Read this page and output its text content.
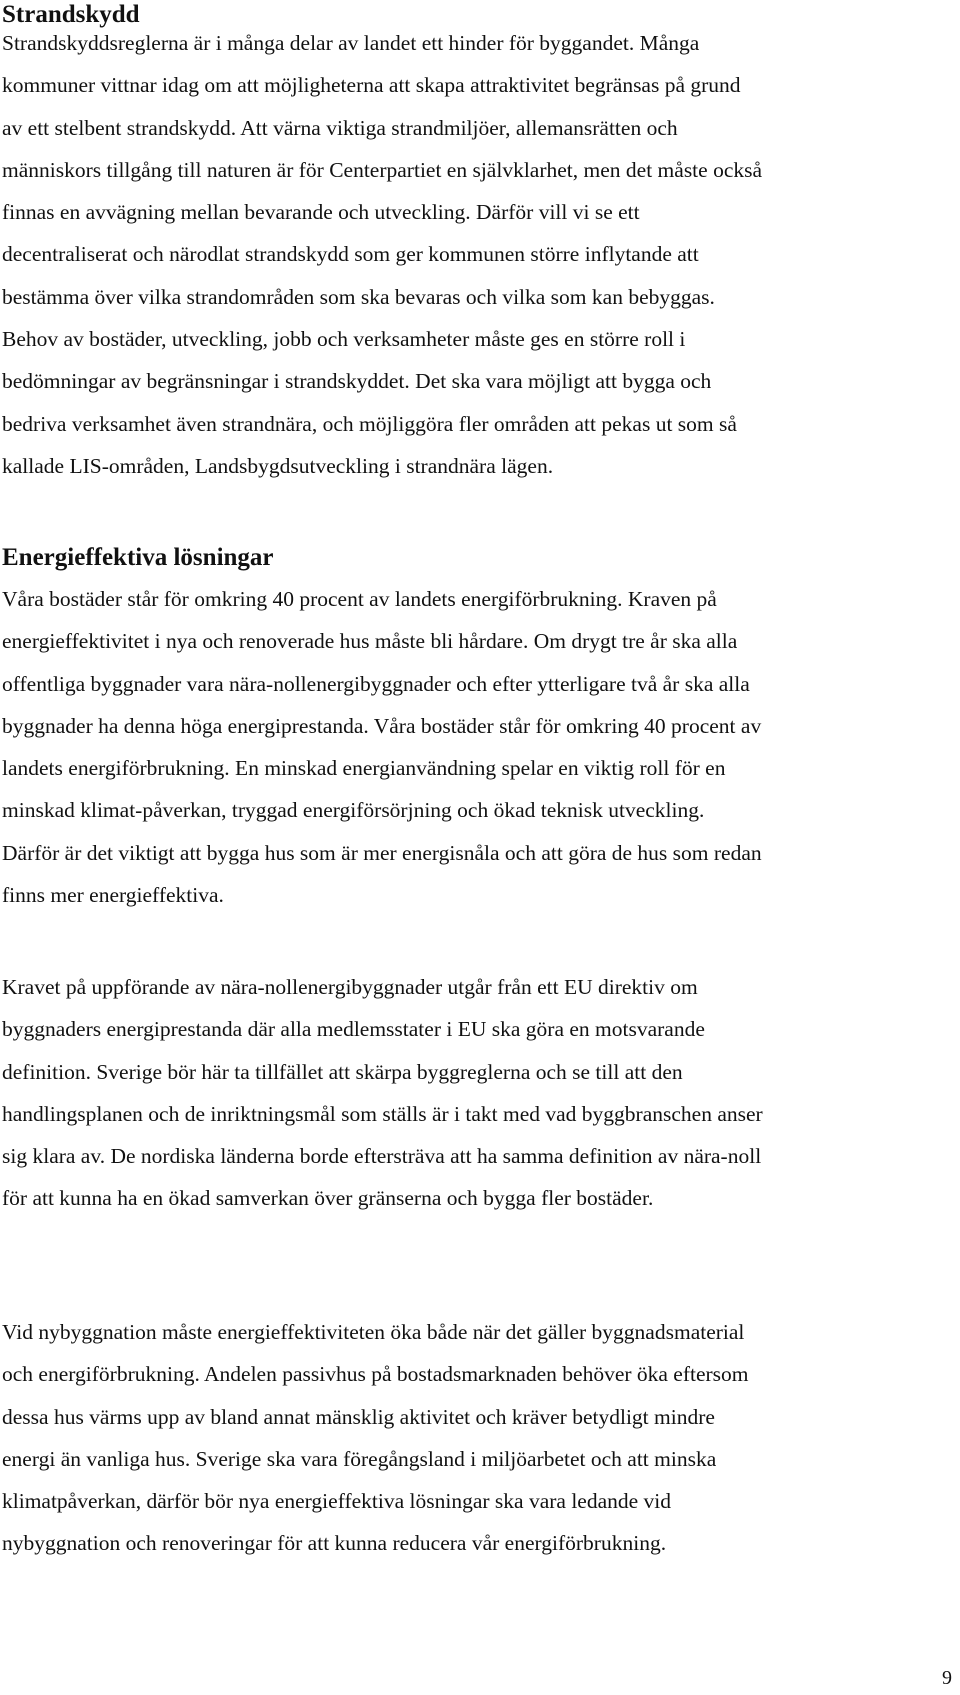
Strandskydd

Strandskyddsreglerna är i många delar av landet ett hinder för byggandet. Många
kommuner vittnar idag om att möjligheterna att skapa attraktivitet begränsas på grund
av ett stelbent strandskydd. Att värna viktiga strandmiljöer, allemansrätten och
människors tillgång till naturen är för Centerpartiet en självklarhet, men det måste också
finnas en avvägning mellan bevarande och utveckling. Därför vill vi se ett
decentraliserat och närodlat strandskydd som ger kommunen större inflytande att
bestämma över vilka strandområden som ska bevaras och vilka som kan bebyggas.
Behov av bostäder, utveckling, jobb och verksamheter måste ges en större roll i
bedömningar av begränsningar i strandskyddet. Det ska vara möjligt att bygga och
bedriva verksamhet även strandnära, och möjliggöra fler områden att pekas ut som så
kallade LIS-områden, Landsbygdsutveckling i strandnära lägen.

Energieffektiva lösningar

Våra bostäder står för omkring 40 procent av landets energiförbrukning. Kraven på
energieffektivitet i nya och renoverade hus måste bli hårdare. Om drygt tre år ska alla
offentliga byggnader vara nära-nollenergibyggnader och efter ytterligare två år ska alla
byggnader ha denna höga energiprestanda. Våra bostäder står för omkring 40 procent av
landets energiförbrukning. En minskad energianvändning spelar en viktig roll för en
minskad klimat-påverkan, tryggad energiförsörjning och ökad teknisk utveckling.
Därför är det viktigt att bygga hus som är mer energisnåla och att göra de hus som redan
finns mer energieffektiva.

Kravet på uppförande av nära-nollenergibyggnader utgår från ett EU direktiv om
byggnaders energiprestanda där alla medlemsstater i EU ska göra en motsvarande
definition. Sverige bör här ta tillfället att skärpa byggreglerna och se till att den
handlingsplanen och de inriktningsmål som ställs är i takt med vad byggbranschen anser
sig klara av. De nordiska länderna borde eftersträva att ha samma definition av nära-noll
för att kunna ha en ökad samverkan över gränserna och bygga fler bostäder.

Vid nybyggnation måste energieffektiviteten öka både när det gäller byggnadsmaterial
och energiförbrukning. Andelen passivhus på bostadsmarknaden behöver öka eftersom
dessa hus värms upp av bland annat mänsklig aktivitet och kräver betydligt mindre
energi än vanliga hus. Sverige ska vara föregångsland i miljöarbetet och att minska
klimatpåverkan, därför bör nya energieffektiva lösningar ska vara ledande vid
nybyggnation och renoveringar för att kunna reducera vår energiförbrukning.

9
